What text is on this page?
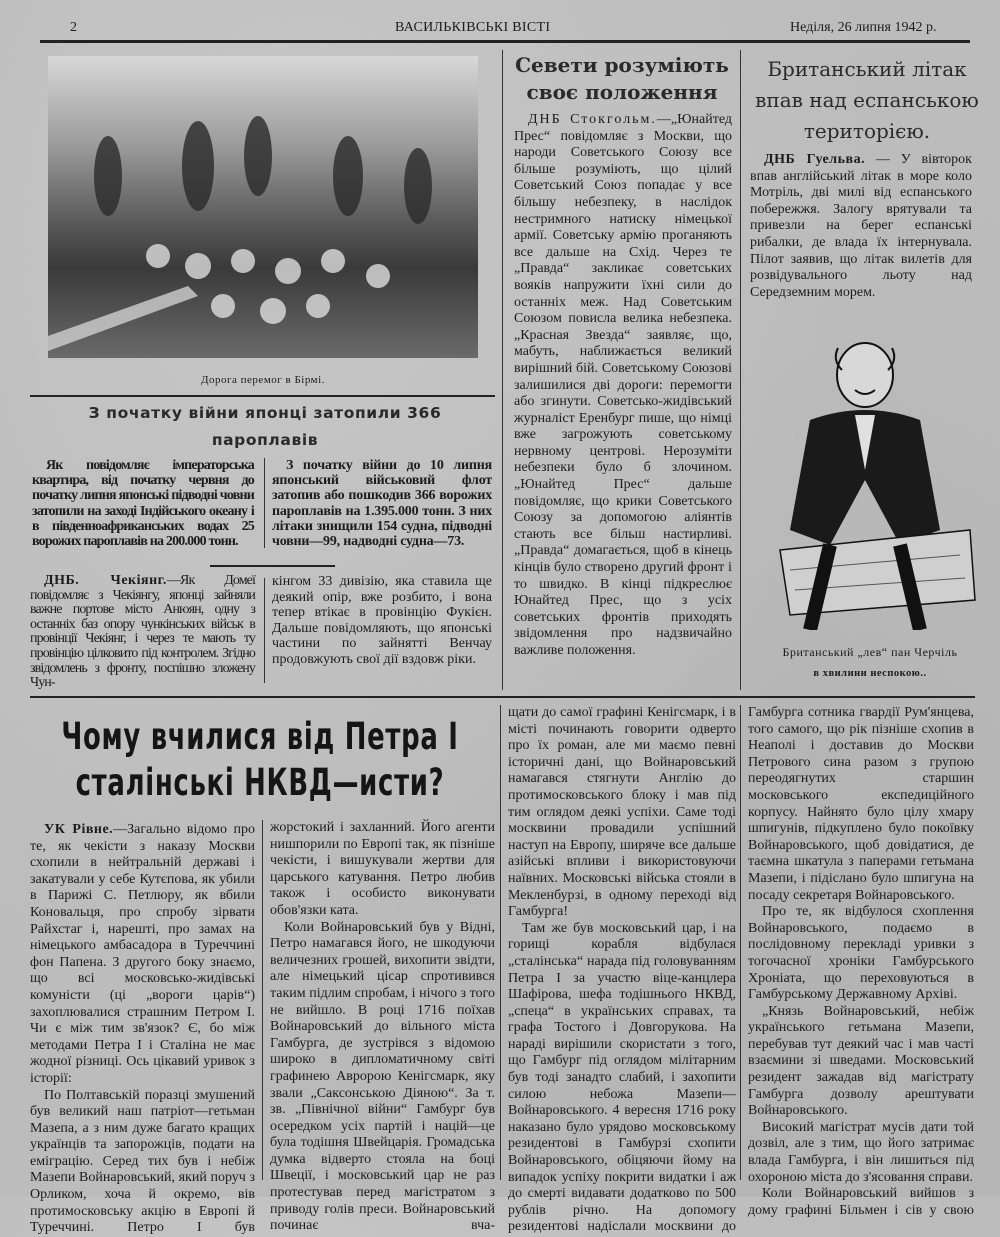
2	ВАСИЛЬКІВСЬКІ ВІСТІ	Неділя, 26 липня 1942 р.
Дорога перемог в Бірмі.
З початку війни японці затопили 366 пароплавів

Як повідомляє імператорська квартира, від початку червня до початку липня японські підводні човни затопили на заході Індійського океану і в південноафриканських водах 25 ворожих пароплавів на 200.000 тонн.

З початку війни до 10 липня японський військовий флот затопив або пошкодив 366 ворожих пароплавів на 1.395.000 тонн. З них літаки знищили 154 судна, підводні човни—99, надводні судна—73.

ДНБ. Чекіянг.—Як Домеї повідомляє з Чекіянгу, японці зайняли важне портове місто Анюян, одну з останніх баз опору чункінських військ в провінції Чекіянг, і через те мають ту провінцію цілковито під контролем. Згідно звідомлень з фронту, поспішно зложену Чун-

кінгом 33 дивізію, яка ставила ще деякий опір, вже розбито, і вона тепер втікає в провінцію Фукієн. Дальше повідомляють, що японські частини по зайнятті Венчау продовжують свої дії вздовж ріки.

Севети розуміють
своє положення

ДНБ Стокгольм.—„Юнайтед Прес“ повідомляє з Москви, що народи Советського Союзу все більше розуміють, що цілий Советський Союз попадає у все більшу небезпеку, в наслідок нестримного натиску німецької армії. Советську армію проганяють все дальше на Схід. Через те „Правда“ закликає советських вояків напружити їхні сили до останніх меж. Над Советським Союзом повисла велика небезпека. „Красная Звезда“ заявляє, що, мабуть, наближається великий вирішний бій. Советському Союзові залишилися дві дороги: перемогти або згинути. Советсько-жидівський журналіст Еренбург пише, що німці вже загрожують советському нервному центрові. Нерозуміти небезпеки було б злочином. „Юнайтед Прес“ дальше повідомляє, що крики Советського Союзу за допомогою аліянтів стають все більш настирливі. „Правда“ домагається, щоб в кінець кінців було створено другий фронт і то швидко. В кінці підкреслює Юнайтед Прес, що з усіх советських фронтів приходять звідомлення про надзвичайно важливе положення.

Британський літак
впав над еспанською
територією.

ДНБ Гуельва. — У вівторок впав англійський літак в море коло Мотріль, дві милі від еспанського побережжя. Залогу врятували та привезли на берег еспанські рибалки, де влада їх інтернувала. Пілот заявив, що літак вилетів для розвідувального льоту над Середземним морем.

Британський „лев“ пан Черчіль
в хвилини неспокою..
Чому вчилися від Петра І
сталінські НКВД—исти?

УК Рівне.—Загально відомо про те, як чекісти з наказу Москви схопили в нейтральній державі і закатували у себе Кутєпова, як убили в Парижі С. Петлюру, як вбили Коновальця, про спробу зірвати Райхстаг і, нарешті, про замах на німецького амбасадора в Туреччині фон Папена. З другого боку знаємо, що всі московсько-жидівські комуністи (ці „вороги царів“) захоплювалися страшним Петром І. Чи є між тим зв'язок? Є, бо між методами Петра І і Сталіна не має жодної різниці. Ось цікавий уривок з історії:

По Полтавській поразці змушений був великий наш патріот—гетьман Мазепа, а з ним дуже багато кращих українців та запорожців, подати на еміграцію. Серед тих був і небіж Мазепи Войнаровський, який поруч з Орликом, хоча й окремо, вів протимосковську акцію в Европі й Туреччині. Петро І був

жорстокий і захланний. Його агенти нишпорили по Европі так, як пізніше чекісти, і вишукували жертви для царського катування. Петро любив також і особисто виконувати обов'язки ката.

Коли Войнаровський був у Відні, Петро намагався його, не шкодуючи величезних грошей, вихопити звідти, але німецький цісар спротивився таким підлим спробам, і нічого з того не вийшло. В році 1716 поїхав Войнаровський до вільного міста Гамбурга, де зустрівся з відомою широко в дипломатичному світі графинею Авророю Кенігсмарк, яку звали „Саксонською Діяною“. За т. зв. „Північної війни“ Гамбург був осередком усіх партій і націй—це була тодішня Швейцарія. Громадська думка відверто стояла на боці Швеції, і московський цар не раз протестував перед магістратом з приводу голів преси. Войнаровський починає вча-

щати до самої графині Кенігсмарк, і в місті починають говорити одверто про їх роман, але ми маємо певні історичні дані, що Войнаровський намагався стягнути Англію до протимосковського блоку і мав під тим оглядом деякі успіхи. Саме тоді москвини провадили успішний наступ на Европу, ширяче все дальше азійські впливи і використовуючи наївних. Московські війська стояли в Мекленбурзі, в одному переході від Гамбурга!

Там же був московський цар, і на горищі корабля відбулася „сталінська“ нарада під головуванням Петра І за участю віце-канцлера Шафірова, шефа тодішнього НКВД, „спеца“ в українських справах, та графа Тостого і Довгорукова. На нараді вирішили скористати з того, що Гамбург під оглядом мілітарним був тоді занадто слабий, і захопити силою небожа Мазепи—Войнаровського. 4 вересня 1716 року наказано було урядово московському резидентові в Гамбурзі схопити Войнаровського, обіцяючи йому на випадок успіху покрити видатки і аж до смерті видавати додатково по 500 рублів річно. На допомогу резидентові надіслали москвини до

Гамбурга сотника гвардії Рум'янцева, того самого, що рік пізніше схопив в Неаполі і доставив до Москви Петрового сина разом з групою переодягнутих старшин московського експедиційного корпусу. Найнято було цілу хмару шпигунів, підкуплено було покоївку Войнаровського, щоб довідатися, де таємна шкатула з паперами гетьмана Мазепи, і підіслано було шпигуна на посаду секретаря Войнаровського.

Про те, як відбулося схоплення Войнаровського, подаємо в послідовному перекладі уривки з тогочасної хроніки Гамбурського Хроніата, що переховуються в Гамбурському Державному Архіві.

„Князь Войнаровський, небіж українського гетьмана Мазепи, перебував тут деякий час і мав часті взаємини зі шведами. Московський резидент зажадав від магістрату Гамбурга дозволу арештувати Войнаровського.

Високий магістрат мусів дати той дозвіл, але з тим, що його затримає влада Гамбурга, і він лишиться під охороною міста до з'ясовання справи.

Коли Войнаровський вийшов з дому графині Більмен і сів у свою
